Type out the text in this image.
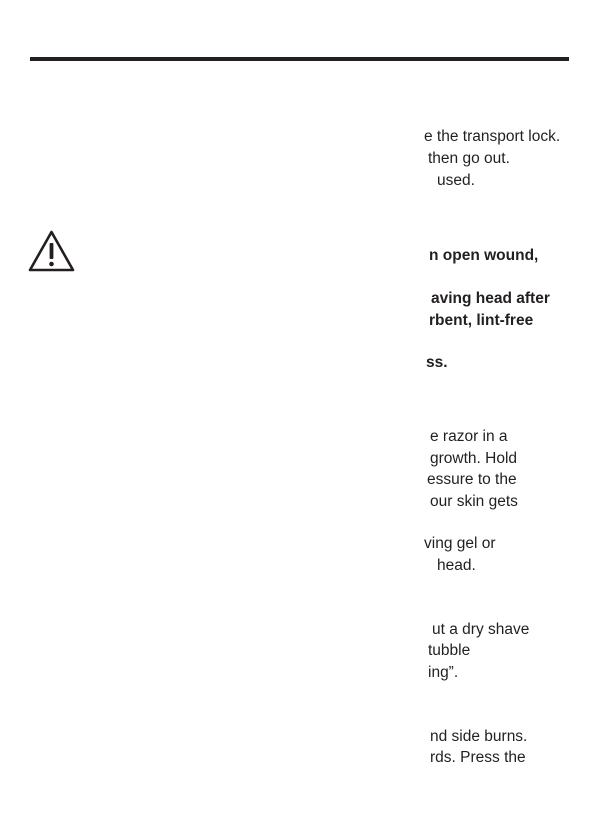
e the transport lock.
then go out.
used.
n open wound,
aving head after
rbent, lint-free
ss.
e razor in a
growth. Hold
essure to the
our skin gets
ving gel or
head.
ut a dry shave
tubble
ing”.
nd side burns.
rds. Press the
